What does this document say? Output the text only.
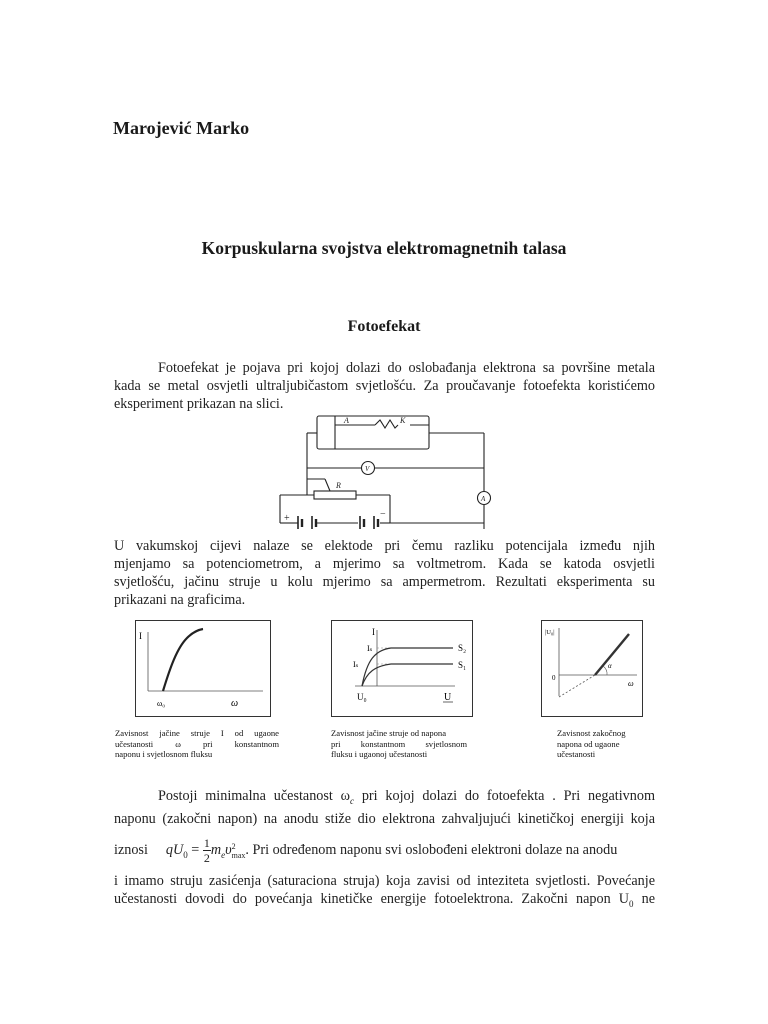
Marojević Marko
Korpuskularna svojstva elektromagnetnih talasa
Fotoefekat
Fotoefekat je pojava pri kojoj dolazi do oslobađanja elektrona sa površine metala
kada se metal osvjetli ultraljubičastom svjetlošću. Za proučavanje fotoefekta koristićemo
eksperiment prikazan na slici.
A	K
V
R
A
+	−
U vakumskoj cijevi nalaze se elektode pri čemu razliku potencijala između njih
mjenjamo sa potenciometrom, a mjerimo sa voltmetrom. Kada se katoda osvjetli
svjetlošću, jačinu struje u kolu mjerimo sa ampermetrom. Rezultati eksperimenta su
prikazani na graficima.
I
ω
ω₀
I
Iₛ
Iₛ
S₂
S₁
U₀	U
|U₀|
0
α
ω
Zavisnost jačine struje I od ugaone
učestanosti ω pri konstantnom
naponu i svjetlosnom fluksu
Zavisnost jačine struje od napona
pri konstantnom svjetlosnom
fluksu i ugaonoj učestanosti
Zavisnost zakočnog
napona od ugaone
učestanosti
Postoji minimalna učestanost $\omega_c$ pri kojoj dolazi do fotoefekta . Pri negativnom
naponu (zakočni napon) na anodu stiže dio elektrona zahvaljujući kinetičkoj energiji koja
iznosi $qU_0 = \frac{1}{2} m_e\upsilon$ 2
max . Pri određenom naponu svi oslobođeni elektroni dolaze na anodu
i imamo struju zasićenja (saturaciona struja) koja zavisi od inteziteta svjetlosti. Povećanje
učestanosti dovodi do povećanja kinetičke energije fotoelektrona. Zakočni napon $U_0$ ne
